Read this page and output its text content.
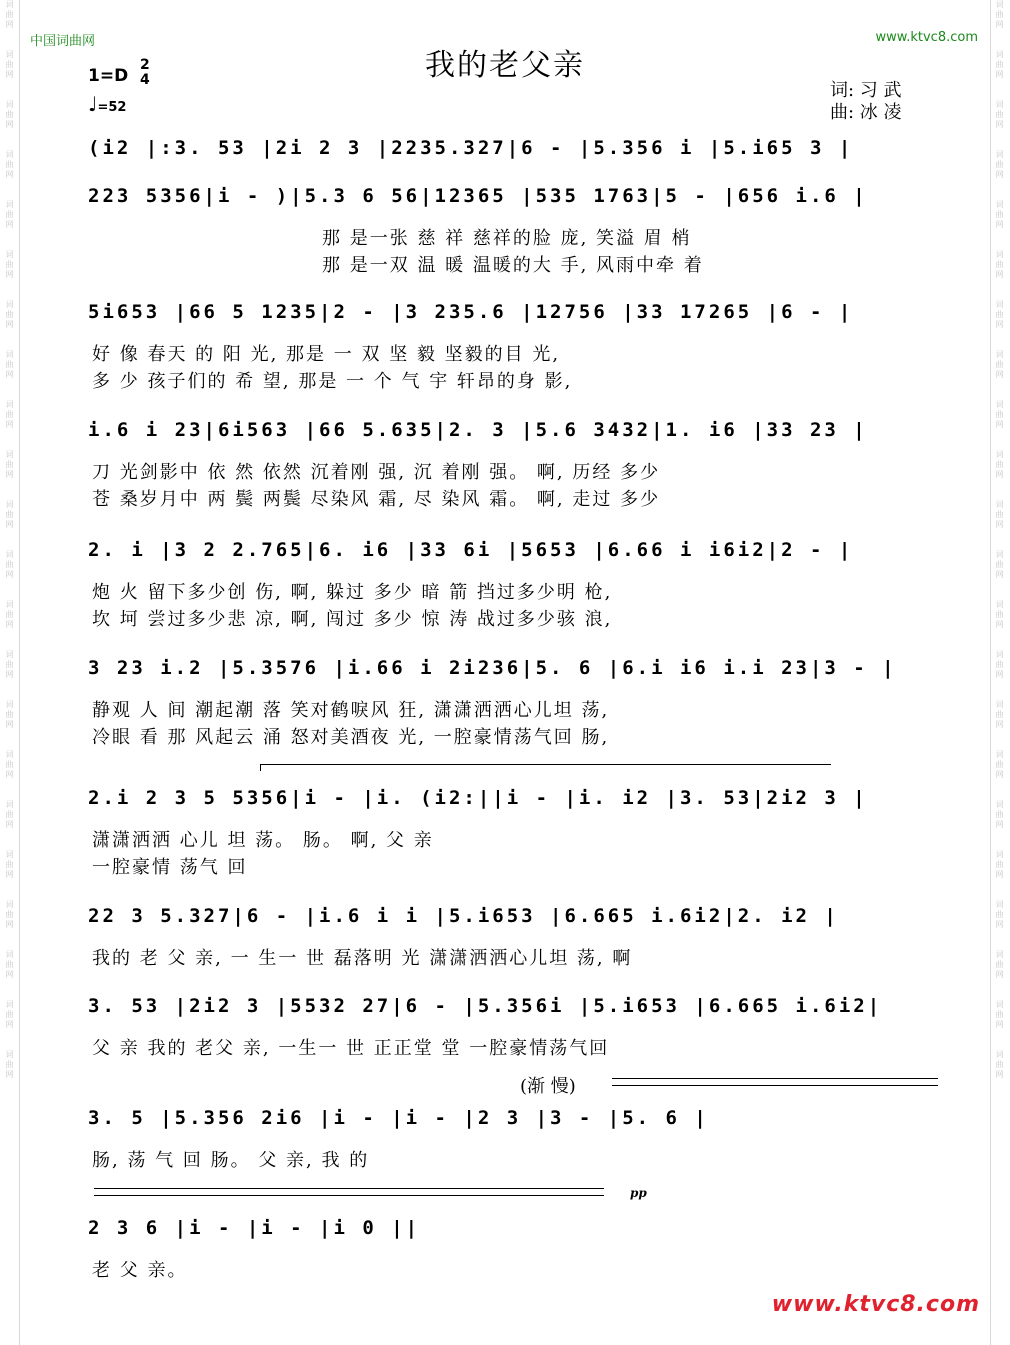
词曲网
词曲网
词曲网
词曲网
词曲网
词曲网
词曲网
词曲网
词曲网
词曲网
词曲网
词曲网
词曲网
词曲网
词曲网
词曲网
词曲网
词曲网
词曲网
词曲网
词曲网
词曲网
词曲网
词曲网
词曲网
词曲网
词曲网
词曲网
词曲网
词曲网
词曲网
词曲网
词曲网
词曲网
词曲网
词曲网
词曲网
词曲网
词曲网
词曲网
词曲网
词曲网
词曲网
词曲网
中国词曲网	www.ktvc8.com
我的老父亲
1=D
2
4
♩=52
词: 习 武
曲: 冰 凌
(i2 |:3. 53 |2i 2 3 |2235.327|6 - |5.356 i |5.i65 3 |
223 5356|i - )|5.3 6 56|12365 |535 1763|5 - |656 i.6 |
那 是一张 慈 祥 慈祥的脸 庞, 笑溢 眉 梢
那 是一双 温 暖 温暖的大 手, 风雨中牵 着
5i653 |66 5 1235|2 - |3 235.6 |12756 |33 17265 |6 - |
好 像 春天 的 阳 光, 那是 一 双 坚 毅 坚毅的目 光,
多 少 孩子们的 希 望, 那是 一 个 气 宇 轩昂的身 影,
i.6 i 23|6i563 |66 5.635|2. 3 |5.6 3432|1. i6 |33 23 |
刀 光剑影中 依 然 依然 沉着刚 强, 沉 着刚 强。 啊, 历经 多少
苍 桑岁月中 两 鬓 两鬓 尽染风 霜, 尽 染风 霜。 啊, 走过 多少
2. i |3 2 2.765|6. i6 |33 6i |5653 |6.66 i i6i2|2 - |
炮 火 留下多少创 伤, 啊, 躲过 多少 暗 箭 挡过多少明 枪,
坎 坷 尝过多少悲 凉, 啊, 闯过 多少 惊 涛 战过多少骇 浪,
3 23 i.2 |5.3576 |i.66 i 2i236|5. 6 |6.i i6 i.i 23|3 - |
静观 人 间 潮起潮 落 笑对鹤唳风 狂, 潇潇洒洒心儿坦 荡,
冷眼 看 那 风起云 涌 怒对美酒夜 光, 一腔豪情荡气回 肠,
2.i 2 3 5 5356|i - |i. (i2:||i - |i. i2 |3. 53|2i2 3 |
潇潇洒洒 心儿 坦 荡。 肠。 啊, 父 亲
一腔豪情 荡气 回
22 3 5.327|6 - |i.6 i i |5.i653 |6.665 i.6i2|2. i2 |
我的 老 父 亲, 一 生一 世 磊落明 光 潇潇洒洒心儿坦 荡, 啊
3. 53 |2i2 3 |5532 27|6 - |5.356i |5.i653 |6.665 i.6i2|
父 亲 我的 老父 亲, 一生一 世 正正堂 堂 一腔豪情荡气回
3. 5 |5.356 2i6 |i - |i - |2 3 |3 - |5. 6 |
肠, 荡 气 回 肠。 父 亲, 我 的
2 3 6 |i - |i - |i 0 ||
老 父 亲。
(渐 慢)
pp
www.ktvc8.com
